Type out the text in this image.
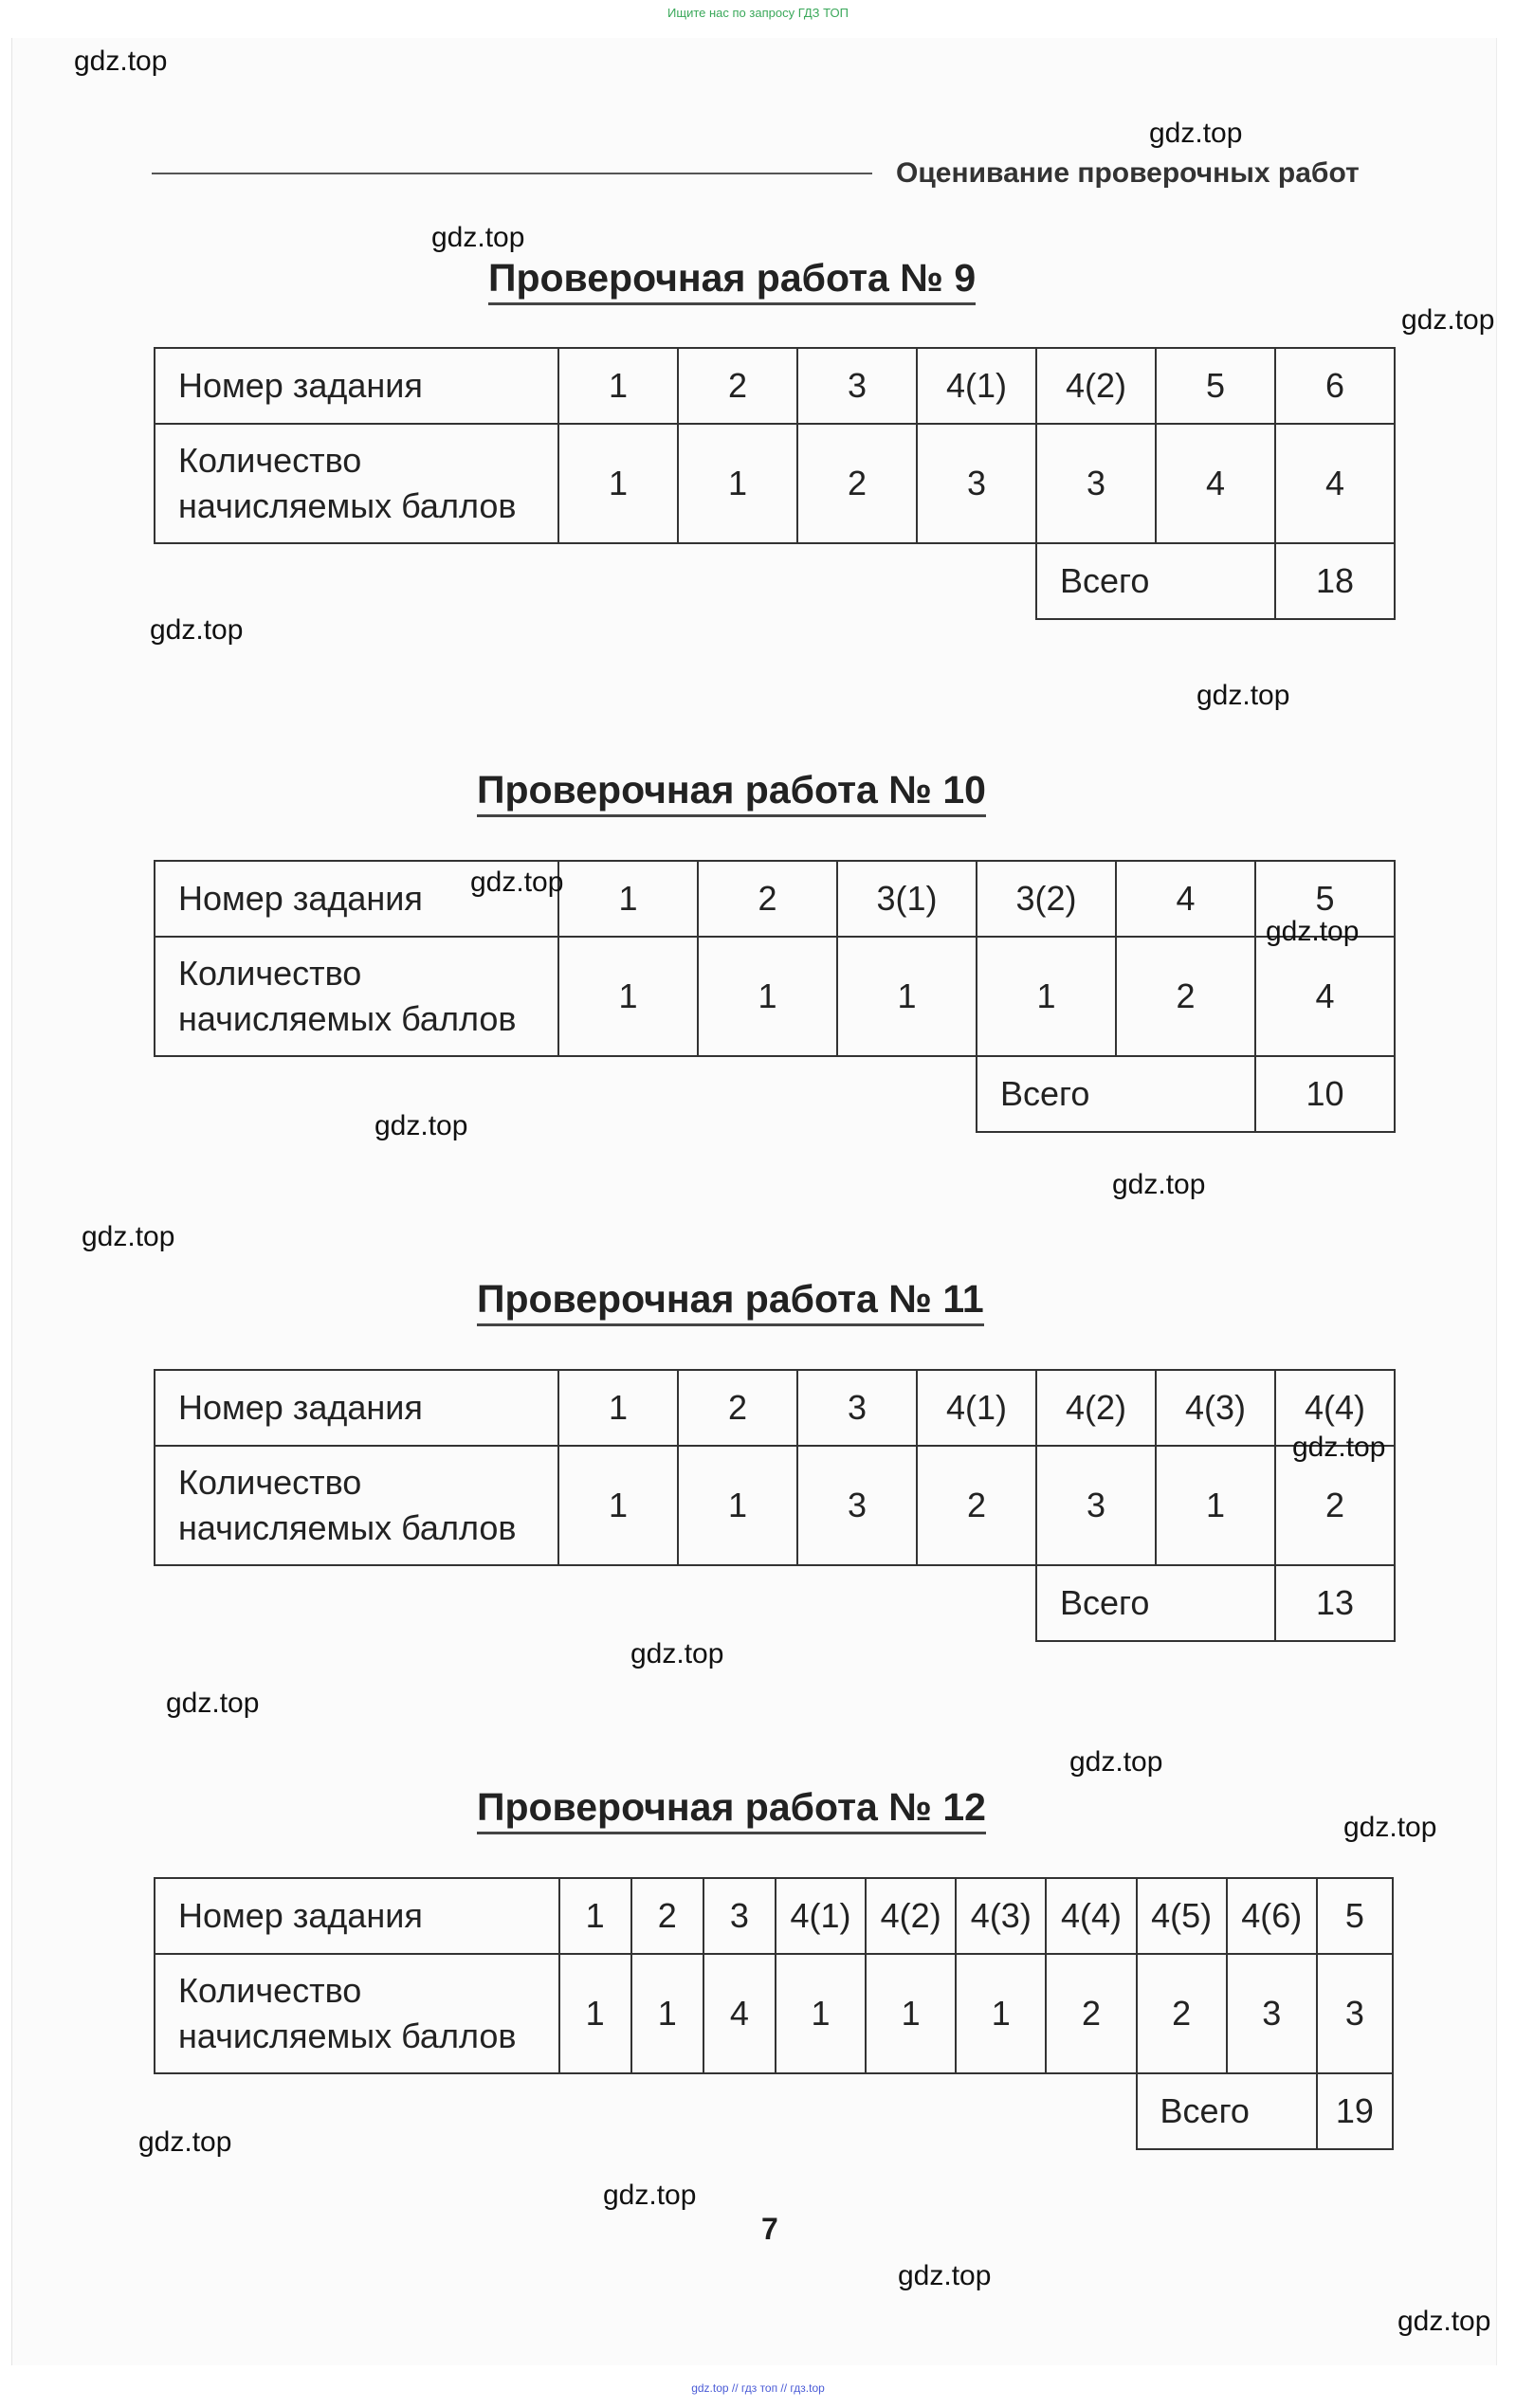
Ищите нас по запросу ГДЗ ТОП
Оценивание проверочных работ
Проверочная работа № 9
Номер задания	1	2	3	4(1)	4(2)	5	6

Количество
начисляемых баллов	1	1	2	3	3	4	4
					Всего		18
Проверочная работа № 10
Номер задания	1	2	3(1)	3(2)	4	5

Количество
начисляемых баллов	1	1	1	1	2	4
				Всего		10
Проверочная работа № 11
Номер задания	1	2	3	4(1)	4(2)	4(3)	4(4)

Количество
начисляемых баллов	1	1	3	2	3	1	2
					Всего		13
Проверочная работа № 12
Номер задания	1	2	3	4(1)	4(2)	4(3)	4(4)	4(5)	4(6)	5

Количество
начисляемых баллов	1	1	4	1	1	1	2	2	3	3
								Всего		19
7
gdz.top
gdz.top
gdz.top
gdz.top
gdz.top
gdz.top
gdz.top
gdz.top
gdz.top
gdz.top
gdz.top
gdz.top
gdz.top
gdz.top
gdz.top
gdz.top
gdz.top
gdz.top
gdz.top
gdz.top
gdz.top // гдз топ // гдз.top
